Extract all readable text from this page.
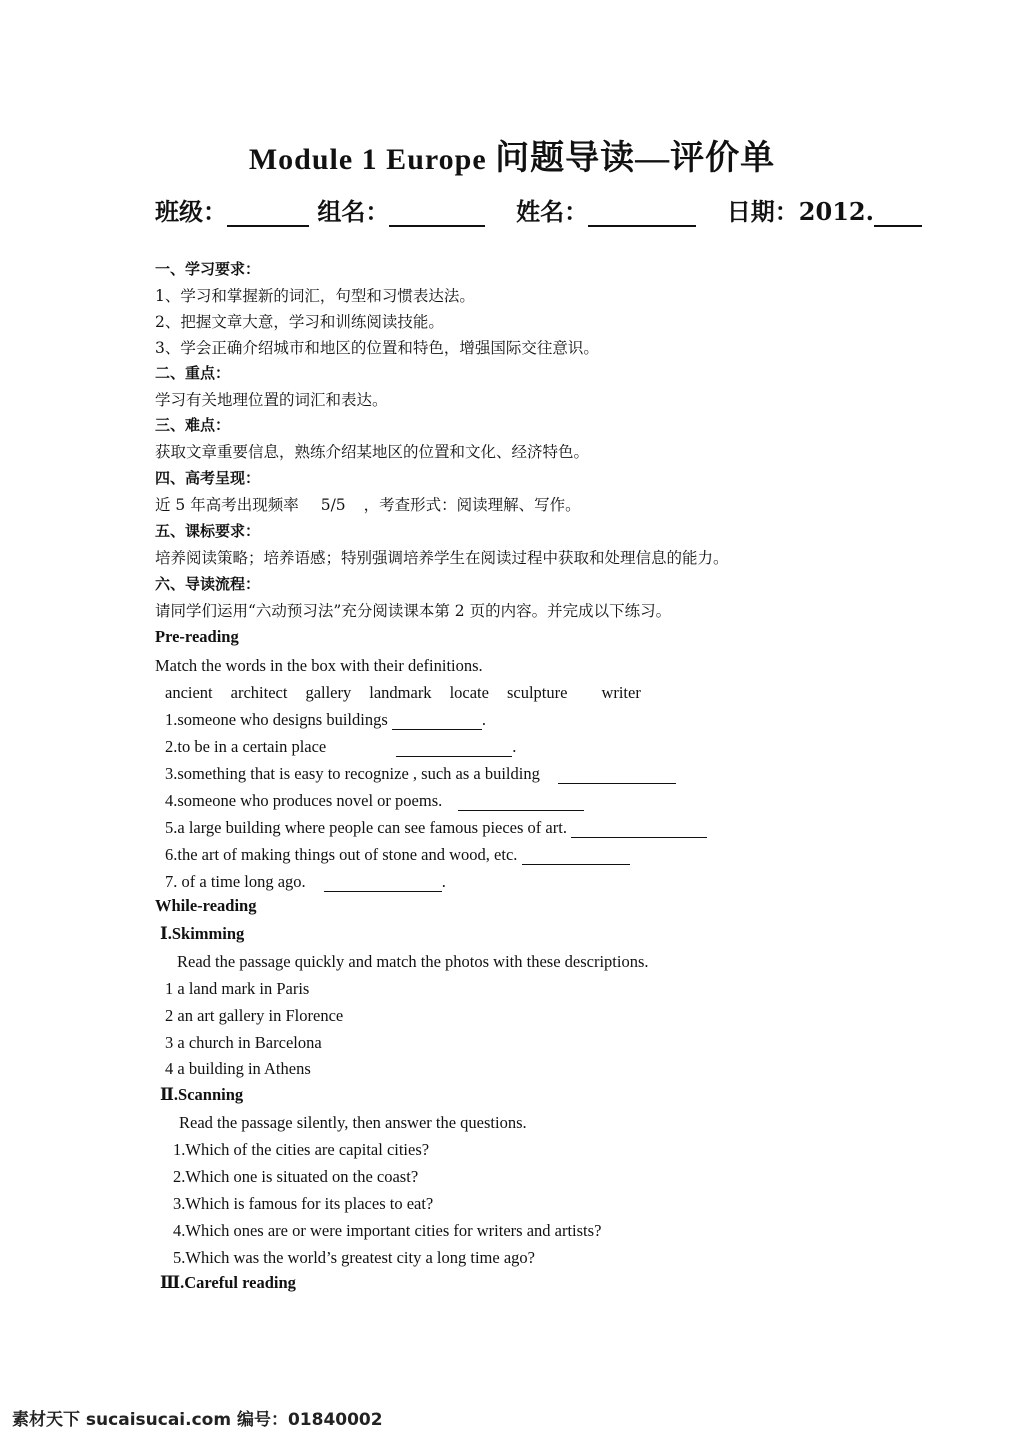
Module 1 Europe 问题导读—评价单
班级：	组名：	姓名：	日期：2012.
一、学习要求：
1、学习和掌握新的词汇，句型和习惯表达法。
2、把握文章大意，学习和训练阅读技能。
3、学会正确介绍城市和地区的位置和特色，增强国际交往意识。
二、重点：
学习有关地理位置的词汇和表达。
三、难点：
获取文章重要信息，熟练介绍某地区的位置和文化、经济特色。
四、高考呈现：
近 5 年高考出现频率 5/5 ，考查形式：阅读理解、写作。
五、课标要求：
培养阅读策略；培养语感；特别强调培养学生在阅读过程中获取和处理信息的能力。
六、导读流程：
请同学们运用“六动预习法”充分阅读课本第 2 页的内容。并完成以下练习。
Pre-reading
Match the words in the box with their definitions.
ancient architect gallery landmark locate sculpture writer
1.someone who designs buildings	.
2.to be in a certain place	.
3.something that is easy to recognize , such as a building
4.someone who produces novel or poems.
5.a large building where people can see famous pieces of art.
6.the art of making things out of stone and wood, etc.
7. of a time long ago.	.
While-reading
Ⅰ.Skimming
Read the passage quickly and match the photos with these descriptions.
1 a land mark in Paris
2 an art gallery in Florence
3 a church in Barcelona
4 a building in Athens
Ⅱ.Scanning
Read the passage silently, then answer the questions.
1.Which of the cities are capital cities?
2.Which one is situated on the coast?
3.Which is famous for its places to eat?
4.Which ones are or were important cities for writers and artists?
5.Which was the world’s greatest city a long time ago?
Ⅲ.Careful reading
素材天下 sucaisucai.com 编号：01840002
